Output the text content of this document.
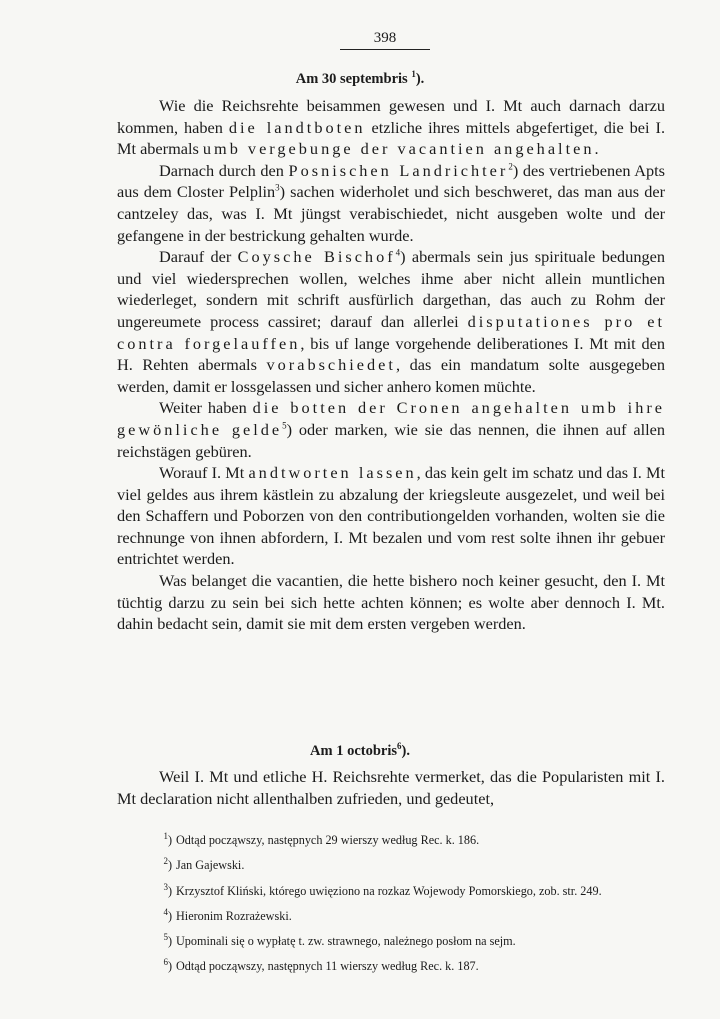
398
Am 30 septembris $^1$).

Wie die Reichsrehte beisammen gewesen und I. Mt auch darnach darzu kommen, haben die landtboten etzliche ihres mittels abgefertiget, die bei I. Mt abermals umb vergebunge der vacantien angehalten.

Darnach durch den Posnischen Landrichter$^2$) des vertriebenen Apts aus dem Closter Pelplin$^3$) sachen widerholet und sich beschweret, das man aus der cantzeley das, was I. Mt jüngst verabischiedet, nicht ausgeben wolte und der gefangene in der bestrickung gehalten wurde.

Darauf der Coysche Bischof$^4$) abermals sein jus spirituale bedungen und viel wiedersprechen wollen, welches ihme aber nicht allein muntlichen wiederleget, sondern mit schrift ausfürlich dargethan, das auch zu Rohm der ungereumete process cassiret; darauf dan allerlei disputationes pro et contra forgelauffen, bis uf lange vorgehende deliberationes I. Mt mit den H. Rehten abermals vorabschiedet, das ein mandatum solte ausgegeben werden, damit er lossgelassen und sicher anhero komen müchte.

Weiter haben die botten der Cronen angehalten umb ihre gewönliche gelde$^5$) oder marken, wie sie das nennen, die ihnen auf allen reichstägen gebüren.

Worauf I. Mt andtworten lassen, das kein gelt im schatz und das I. Mt viel geldes aus ihrem kästlein zu abzalung der kriegsleute ausgezelet, und weil bei den Schaffern und Poborzen von den contributiongelden vorhanden, wolten sie die rechnunge von ihnen abfordern, I. Mt bezalen und vom rest solte ihnen ihr gebuer entrichtet werden.

Was belanget die vacantien, die hette bishero noch keiner gesucht, den I. Mt tüchtig darzu zu sein bei sich hette achten können; es wolte aber dennoch I. Mt. dahin bedacht sein, damit sie mit dem ersten vergeben werden.

Am 1 octobris$^6$).

Weil I. Mt und etliche H. Reichsrehte vermerket, das die Popularisten mit I. Mt declaration nicht allenthalben zufrieden, und gedeutet,

$^1$) Odtąd począwszy, następnych 29 wierszy według Rec. k. 186.
$^2$) Jan Gajewski.
$^3$) Krzysztof Kliński, którego uwięziono na rozkaz Wojewody Pomorskiego, zob. str. 249.
$^4$) Hieronim Rozrażewski.
$^5$) Upominali się o wypłatę t. zw. strawnego, należnego posłom na sejm.
$^6$) Odtąd począwszy, następnych 11 wierszy według Rec. k. 187.
